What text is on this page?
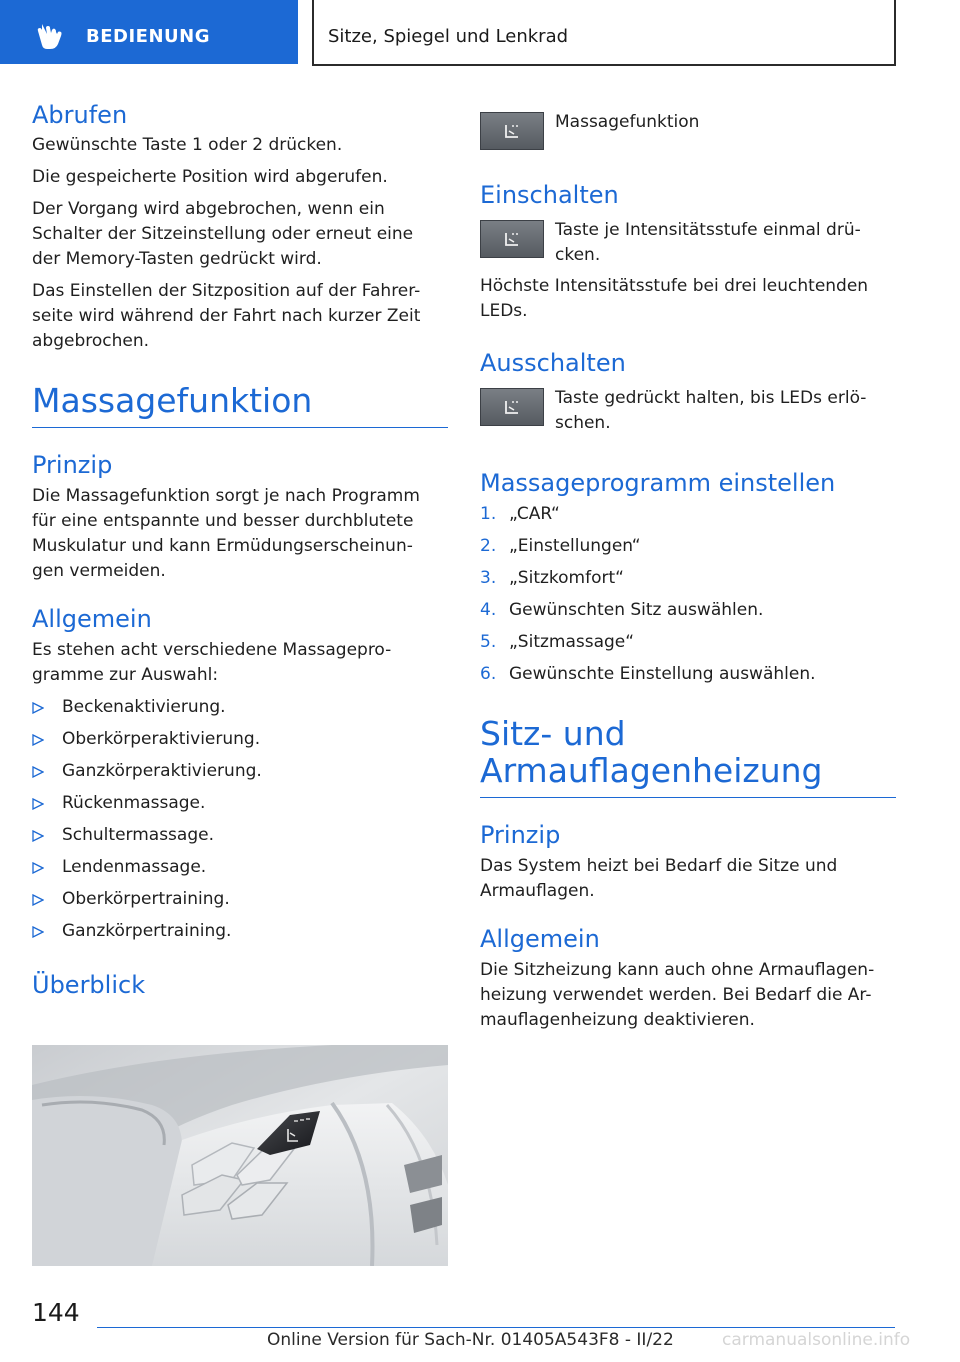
BEDIENUNG	Sitze, Spiegel und Lenkrad
Abrufen

Gewünschte Taste 1 oder 2 drücken.

Die gespeicherte Position wird abgerufen.

Der Vorgang wird abgebrochen, wenn ein

Schalter der Sitzeinstellung oder erneut eine

der Memory-Tasten gedrückt wird.

Das Einstellen der Sitzposition auf der Fahrer-

seite wird während der Fahrt nach kurzer Zeit

abgebrochen.

Massagefunktion
Prinzip

Die Massagefunktion sorgt je nach Programm

für eine entspannte und besser durchblutete

Muskulatur und kann Ermüdungserscheinun-

gen vermeiden.

Allgemein

Es stehen acht verschiedene Massagepro-

gramme zur Auswahl:

Beckenaktivierung.
Oberkörperaktivierung.
Ganzkörperaktivierung.
Rückenmassage.
Schultermassage.
Lendenmassage.
Oberkörpertraining.
Ganzkörpertraining.
Überblick
Massagefunktion
Einschalten

Taste je Intensitätsstufe einmal drü-

cken.

Höchste Intensitätsstufe bei drei leuchtenden

LEDs.

Ausschalten

Taste gedrückt halten, bis LEDs erlö-

schen.

Massageprogramm einstellen
1. „CAR“
2. „Einstellungen“
3. „Sitzkomfort“
4. Gewünschten Sitz auswählen.
5. „Sitzmassage“
6. Gewünschte Einstellung auswählen.
Sitz- und
Armauflagenheizung
Prinzip

Das System heizt bei Bedarf die Sitze und

Armauflagen.

Allgemein

Die Sitzheizung kann auch ohne Armauflagen-

heizung verwendet werden. Bei Bedarf die Ar-

mauflagenheizung deaktivieren.

144
Online Version für Sach-Nr. 01405A543F8 - II/22	carmanualsonline.info
